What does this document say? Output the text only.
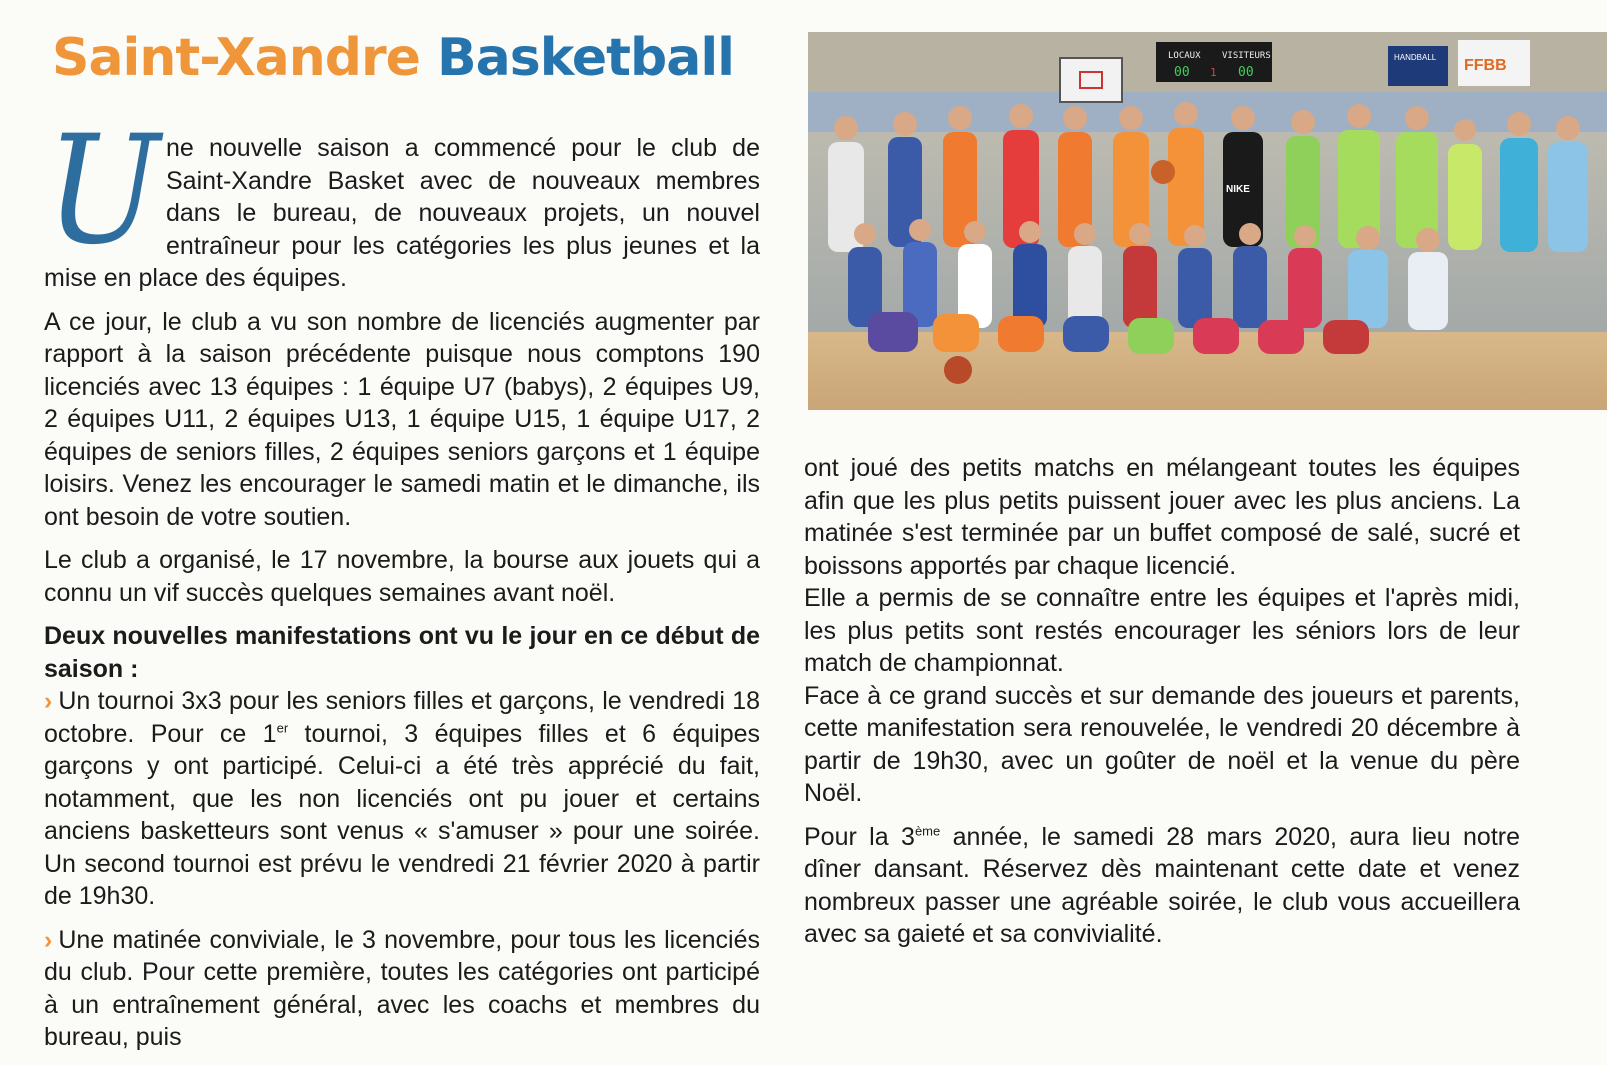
Saint-Xandre Basketball

Une nouvelle saison a commencé pour le club de Saint-Xandre Basket avec de nouveaux membres dans le bureau, de nouveaux projets, un nouvel entraîneur pour les catégories les plus jeunes et la mise en place des équipes.

A ce jour, le club a vu son nombre de licenciés augmenter par rapport à la saison précédente puisque nous comptons 190 licenciés avec 13 équipes : 1 équipe U7 (babys), 2 équipes U9, 2 équipes U11, 2 équipes U13, 1 équipe U15, 1 équipe U17, 2 équipes de seniors filles, 2 équipes seniors garçons et 1 équipe loisirs. Venez les encourager le samedi matin et le dimanche, ils ont besoin de votre soutien.

Le club a organisé, le 17 novembre, la bourse aux jouets qui a connu un vif succès quelques semaines avant noël.

Deux nouvelles manifestations ont vu le jour en ce début de saison :

› Un tournoi 3x3 pour les seniors filles et garçons, le vendredi 18 octobre. Pour ce 1er tournoi, 3 équipes filles et 6 équipes garçons y ont participé. Celui-ci a été très apprécié du fait, notamment, que les non licenciés ont pu jouer et certains anciens basketteurs sont venus « s'amuser » pour une soirée. Un second tournoi est prévu le vendredi 21 février 2020 à partir de 19h30.

› Une matinée conviviale, le 3 novembre, pour tous les licenciés du club. Pour cette première, toutes les catégories ont participé à un entraînement général, avec les coachs et membres du bureau, puis

LOCAUX VISITEURS
00 1 00
HANDBALL FFBB
NIKE

ont joué des petits matchs en mélangeant toutes les équipes afin que les plus petits puissent jouer avec les plus anciens. La matinée s'est terminée par un buffet composé de salé, sucré et boissons apportés par chaque licencié.

Elle a permis de se connaître entre les équipes et l'après midi, les plus petits sont restés encourager les séniors lors de leur match de championnat.

Face à ce grand succès et sur demande des joueurs et parents, cette manifestation sera renouvelée, le vendredi 20 décembre à partir de 19h30, avec un goûter de noël et la venue du père Noël.

Pour la 3ème année, le samedi 28 mars 2020, aura lieu notre dîner dansant. Réservez dès maintenant cette date et venez nombreux passer une agréable soirée, le club vous accueillera avec sa gaieté et sa convivialité.
